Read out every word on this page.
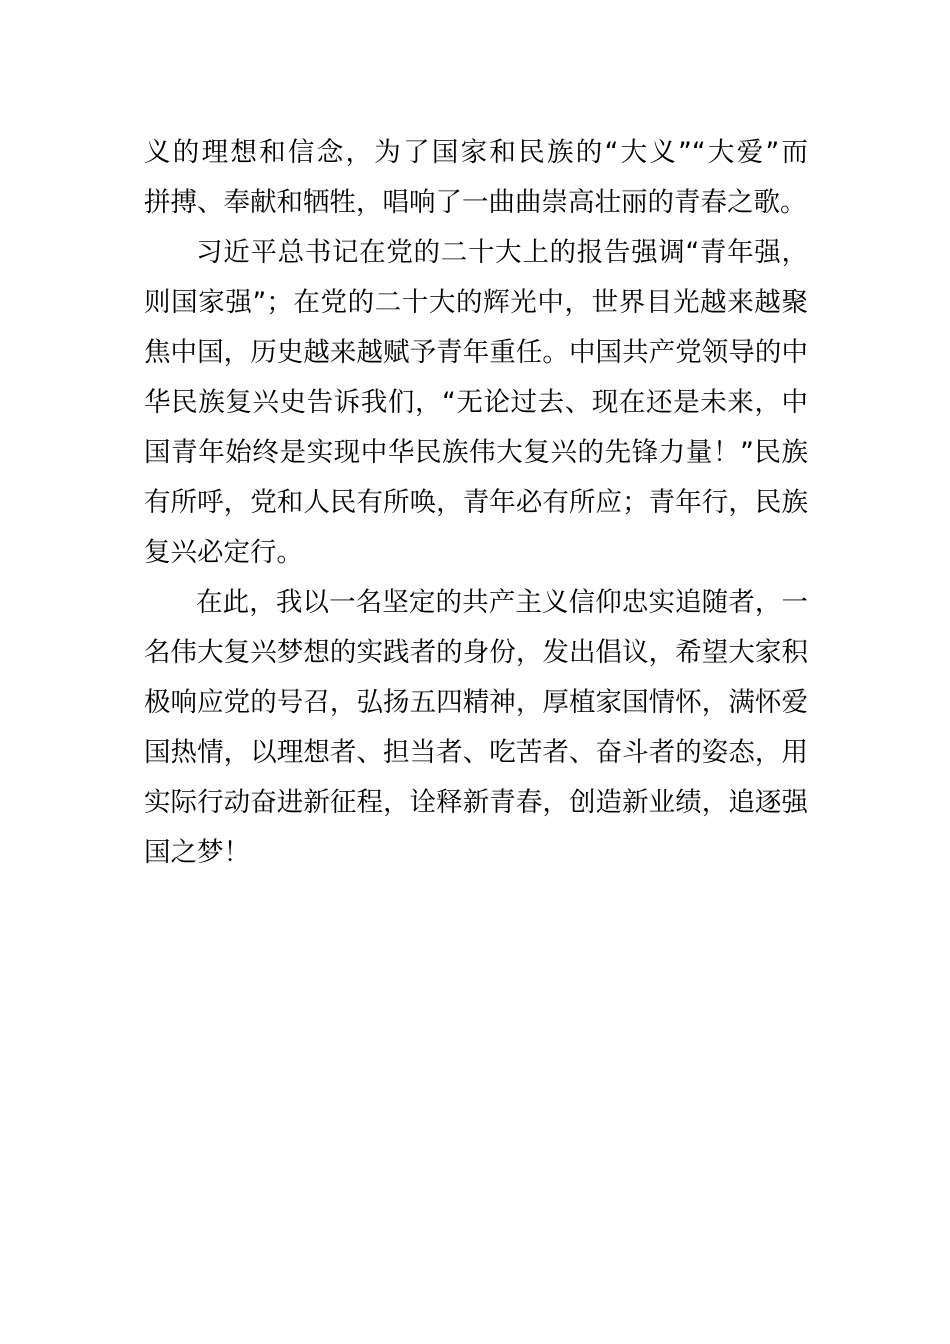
义的理想和信念，为了国家和民族的“大义”“大爱”而
拼搏、奉献和牺牲，唱响了一曲曲崇高壮丽的青春之歌。
习近平总书记在党的二十大上的报告强调“青年强，
则国家强”；在党的二十大的辉光中，世界目光越来越聚
焦中国，历史越来越赋予青年重任。中国共产党领导的中
华民族复兴史告诉我们，“无论过去、现在还是未来，中
国青年始终是实现中华民族伟大复兴的先锋力量！”民族
有所呼，党和人民有所唤，青年必有所应；青年行，民族
复兴必定行。
在此，我以一名坚定的共产主义信仰忠实追随者，一
名伟大复兴梦想的实践者的身份，发出倡议，希望大家积
极响应党的号召，弘扬五四精神，厚植家国情怀，满怀爱
国热情，以理想者、担当者、吃苦者、奋斗者的姿态，用
实际行动奋进新征程，诠释新青春，创造新业绩，追逐强
国之梦！
